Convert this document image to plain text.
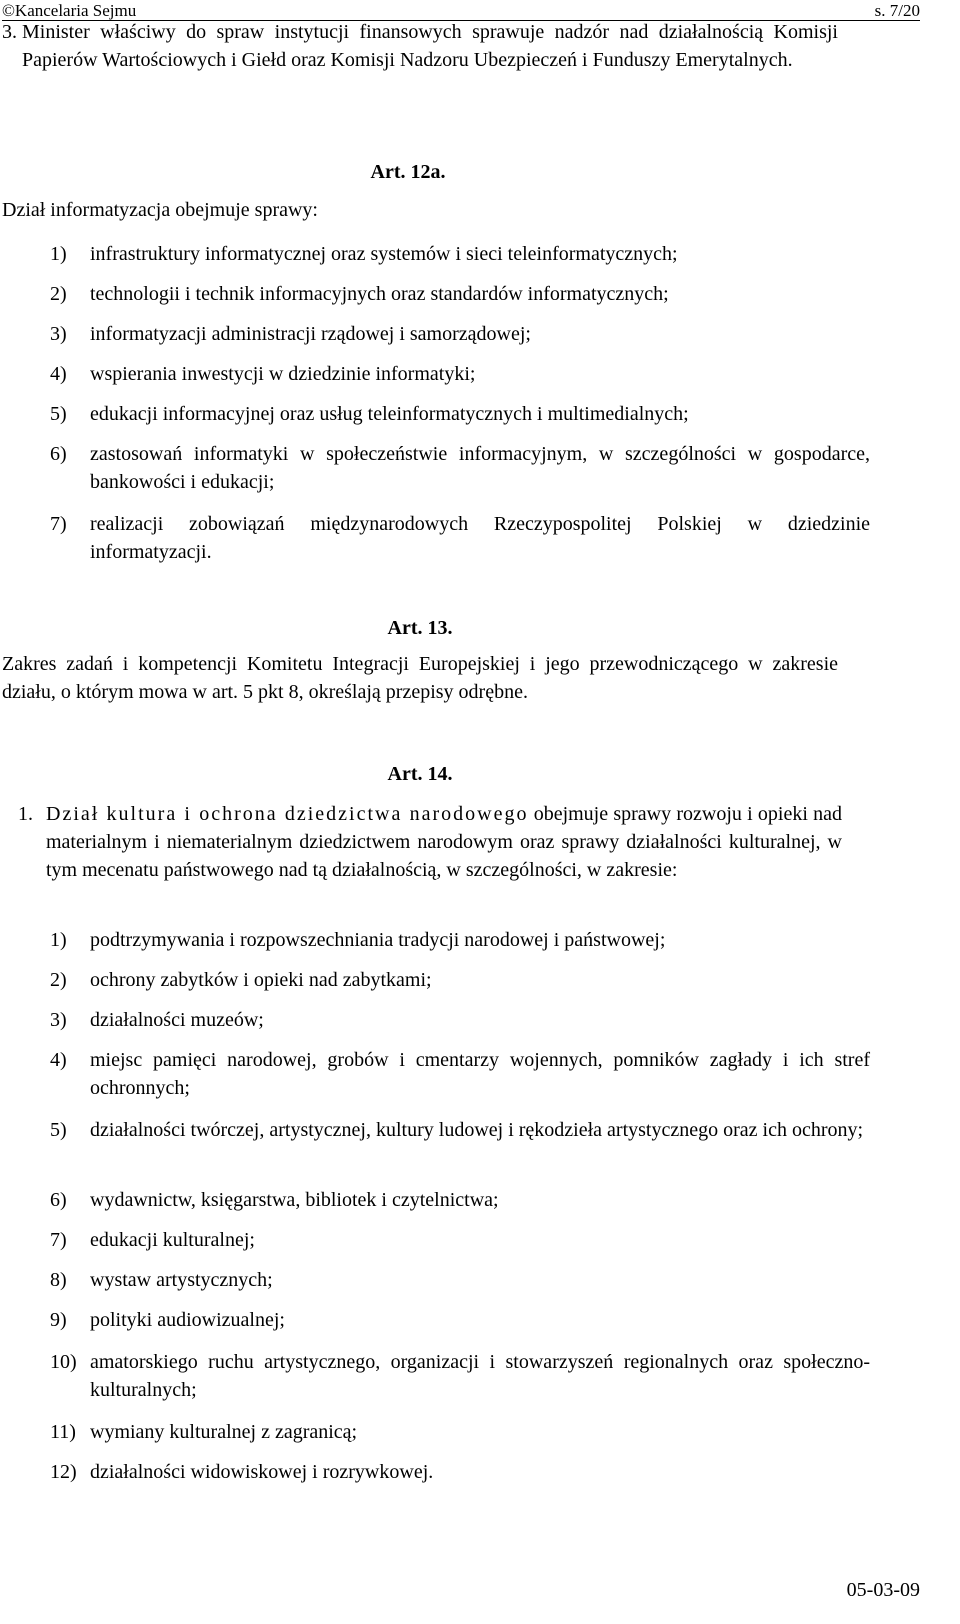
©Kancelaria Sejmu	s. 7/20
3. Minister właściwy do spraw instytucji finansowych sprawuje nadzór nad działalnością Komisji Papierów Wartościowych i Giełd oraz Komisji Nadzoru Ubezpieczeń i Funduszy Emerytalnych.
Art. 12a.
Dział informatyzacja obejmuje sprawy:
1)	infrastruktury informatycznej oraz systemów i sieci teleinformatycznych;
2)	technologii i technik informacyjnych oraz standardów informatycznych;
3)	informatyzacji administracji rządowej i samorządowej;
4)	wspierania inwestycji w dziedzinie informatyki;
5)	edukacji informacyjnej oraz usług teleinformatycznych i multimedialnych;
6)	zastosowań informatyki w społeczeństwie informacyjnym, w szczególności w gospodarce, bankowości i edukacji;
7)	realizacji zobowiązań międzynarodowych Rzeczypospolitej Polskiej w dziedzinie informatyzacji.
Art. 13.
Zakres zadań i kompetencji Komitetu Integracji Europejskiej i jego przewodniczącego w zakresie działu, o którym mowa w art. 5 pkt 8, określają przepisy odrębne.
Art. 14.
1. Dział kultura i ochrona dziedzictwa narodowego obejmuje sprawy rozwoju i opieki nad materialnym i niematerialnym dziedzictwem narodowym oraz sprawy działalności kulturalnej, w tym mecenatu państwowego nad tą działalnością, w szczególności, w zakresie:
1)	podtrzymywania i rozpowszechniania tradycji narodowej i państwowej;
2)	ochrony zabytków i opieki nad zabytkami;
3)	działalności muzeów;
4)	miejsc pamięci narodowej, grobów i cmentarzy wojennych, pomników zagłady i ich stref ochronnych;
5)	działalności twórczej, artystycznej, kultury ludowej i rękodzieła artystycznego oraz ich ochrony;
6)	wydawnictw, księgarstwa, bibliotek i czytelnictwa;
7)	edukacji kulturalnej;
8)	wystaw artystycznych;
9)	polityki audiowizualnej;
10) amatorskiego ruchu artystycznego, organizacji i stowarzyszeń regionalnych oraz społeczno-kulturalnych;
11) wymiany kulturalnej z zagranicą;
12) działalności widowiskowej i rozrywkowej.
05-03-09
